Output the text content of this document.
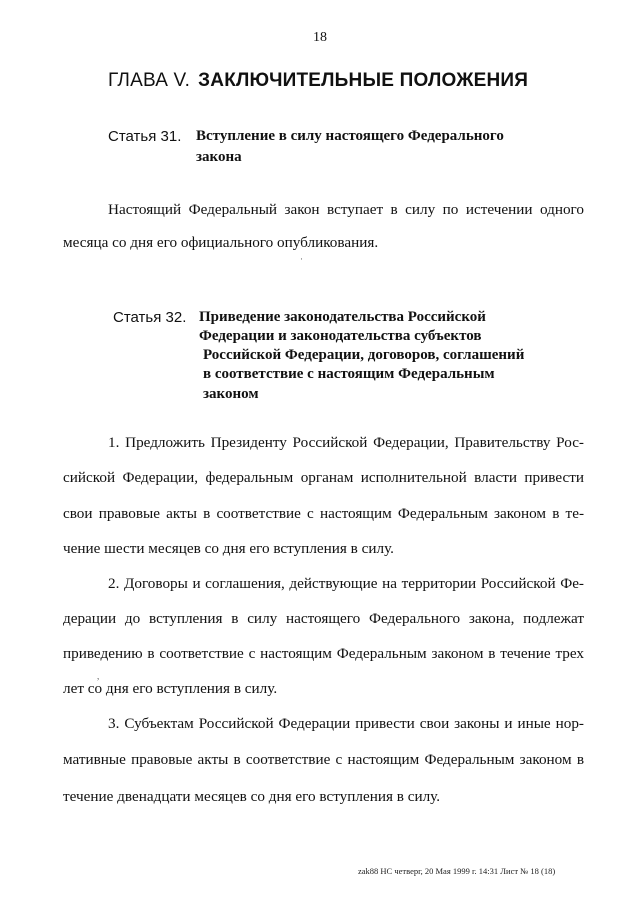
18
ГЛАВА V. ЗАКЛЮЧИТЕЛЬНЫЕ ПОЛОЖЕНИЯ
Статья 31. Вступление в силу настоящего Федерального
закона
Настоящий Федеральный закон вступает в силу по истечении одного
месяца со дня его официального опубликования.
Статья 32. Приведение законодательства Российской
Федерации и законодательства субъектов
Российской Федерации, договоров, соглашений
в соответствие с настоящим Федеральным
законом
1. Предложить Президенту Российской Федерации, Правительству Рос-
сийской Федерации, федеральным органам исполнительной власти привести
свои правовые акты в соответствие с настоящим Федеральным законом в те-
чение шести месяцев со дня его вступления в силу.
2. Договоры и соглашения, действующие на территории Российской Фе-
дерации до вступления в силу настоящего Федерального закона, подлежат
приведению в соответствие с настоящим Федеральным законом в течение трех
лет со дня его вступления в силу.
3. Субъектам Российской Федерации привести свои законы и иные нор-
мативные правовые акты в соответствие с настоящим Федеральным законом в
течение двенадцати месяцев со дня его вступления в силу.
·
,
zak88 НС четверг, 20 Мая 1999 г. 14:31 Лист № 18 (18)
